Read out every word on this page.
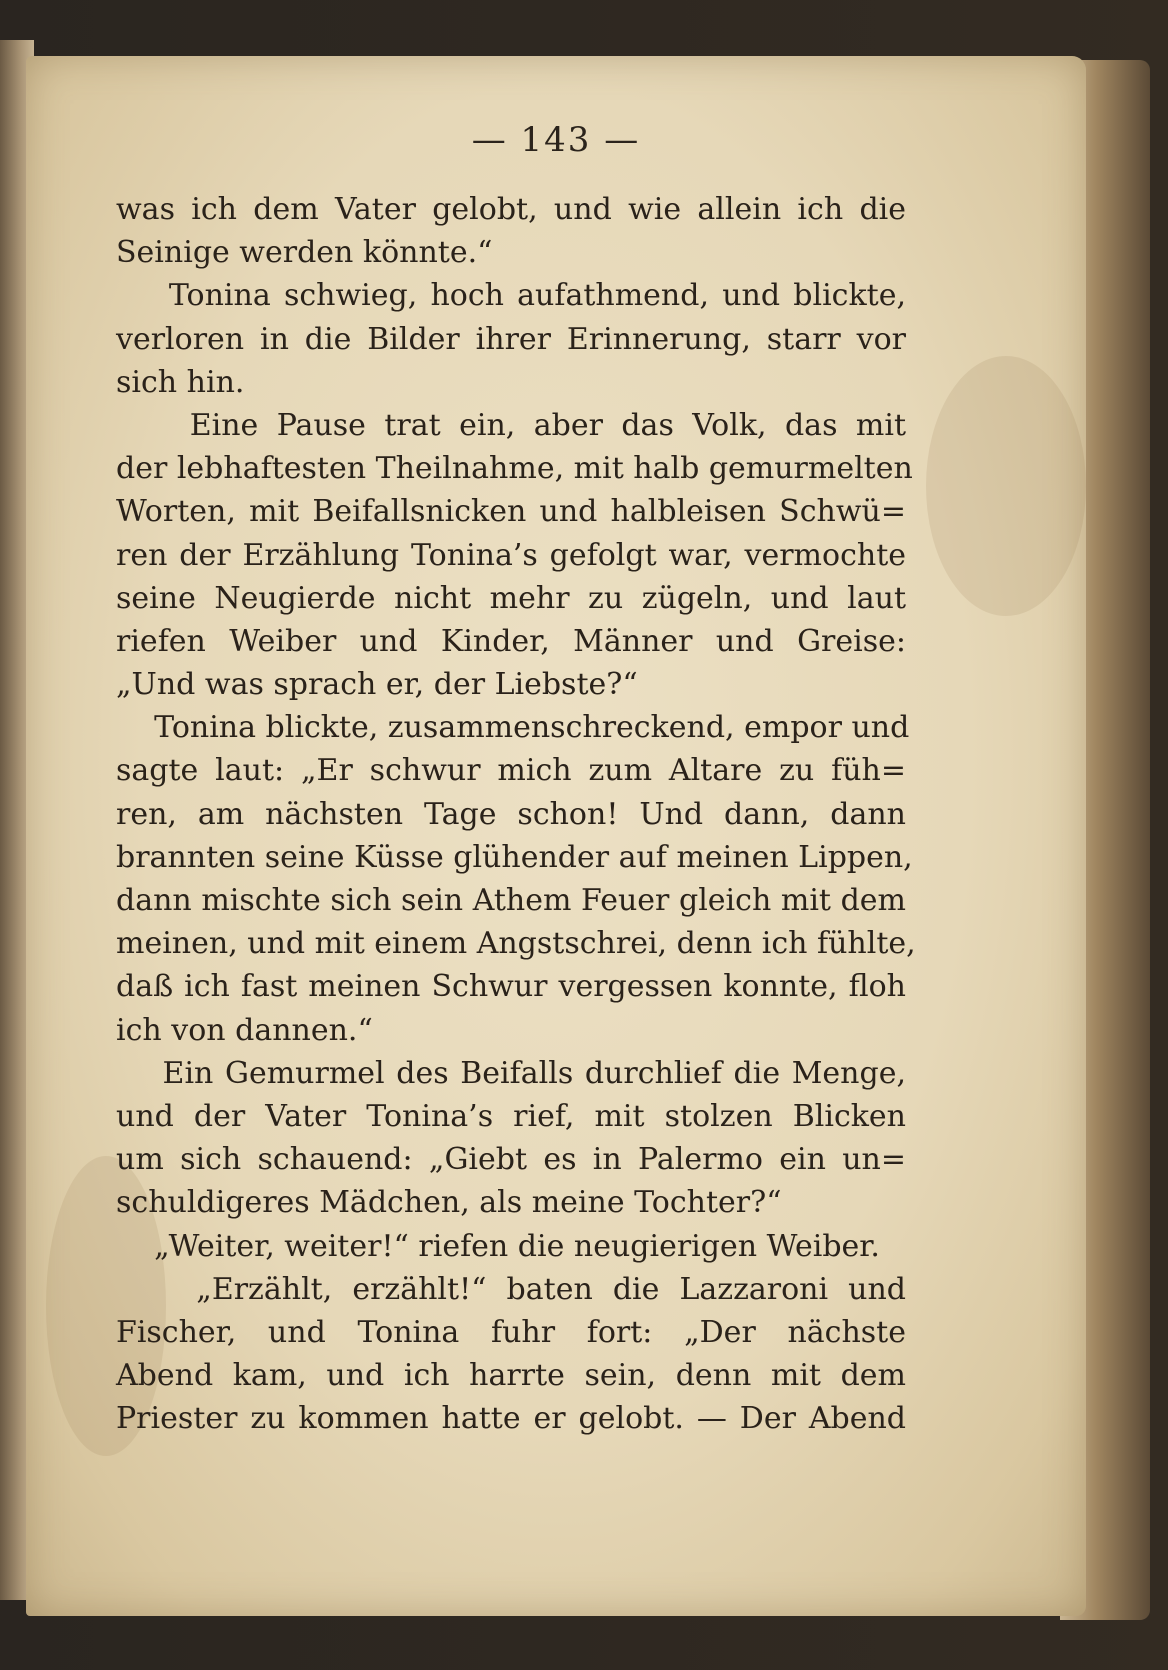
— 143 —
was ich dem Vater gelobt, und wie allein ich die
Seinige werden könnte.“
Tonina schwieg, hoch aufathmend, und blickte,
verloren in die Bilder ihrer Erinnerung, starr vor
sich hin.
Eine Pause trat ein, aber das Volk, das mit
der lebhaftesten Theilnahme, mit halb gemurmelten
Worten, mit Beifallsnicken und halbleisen Schwü=
ren der Erzählung Tonina’s gefolgt war, vermochte
seine Neugierde nicht mehr zu zügeln, und laut
riefen Weiber und Kinder, Männer und Greise:
„Und was sprach er, der Liebste?“
Tonina blickte, zusammenschreckend, empor und
sagte laut: „Er schwur mich zum Altare zu füh=
ren, am nächsten Tage schon! Und dann, dann
brannten seine Küsse glühender auf meinen Lippen,
dann mischte sich sein Athem Feuer gleich mit dem
meinen, und mit einem Angstschrei, denn ich fühlte,
daß ich fast meinen Schwur vergessen konnte, floh
ich von dannen.“
Ein Gemurmel des Beifalls durchlief die Menge,
und der Vater Tonina’s rief, mit stolzen Blicken
um sich schauend: „Giebt es in Palermo ein un=
schuldigeres Mädchen, als meine Tochter?“
„Weiter, weiter!“ riefen die neugierigen Weiber.
„Erzählt, erzählt!“ baten die Lazzaroni und
Fischer, und Tonina fuhr fort: „Der nächste
Abend kam, und ich harrte sein, denn mit dem
Priester zu kommen hatte er gelobt. — Der Abend
